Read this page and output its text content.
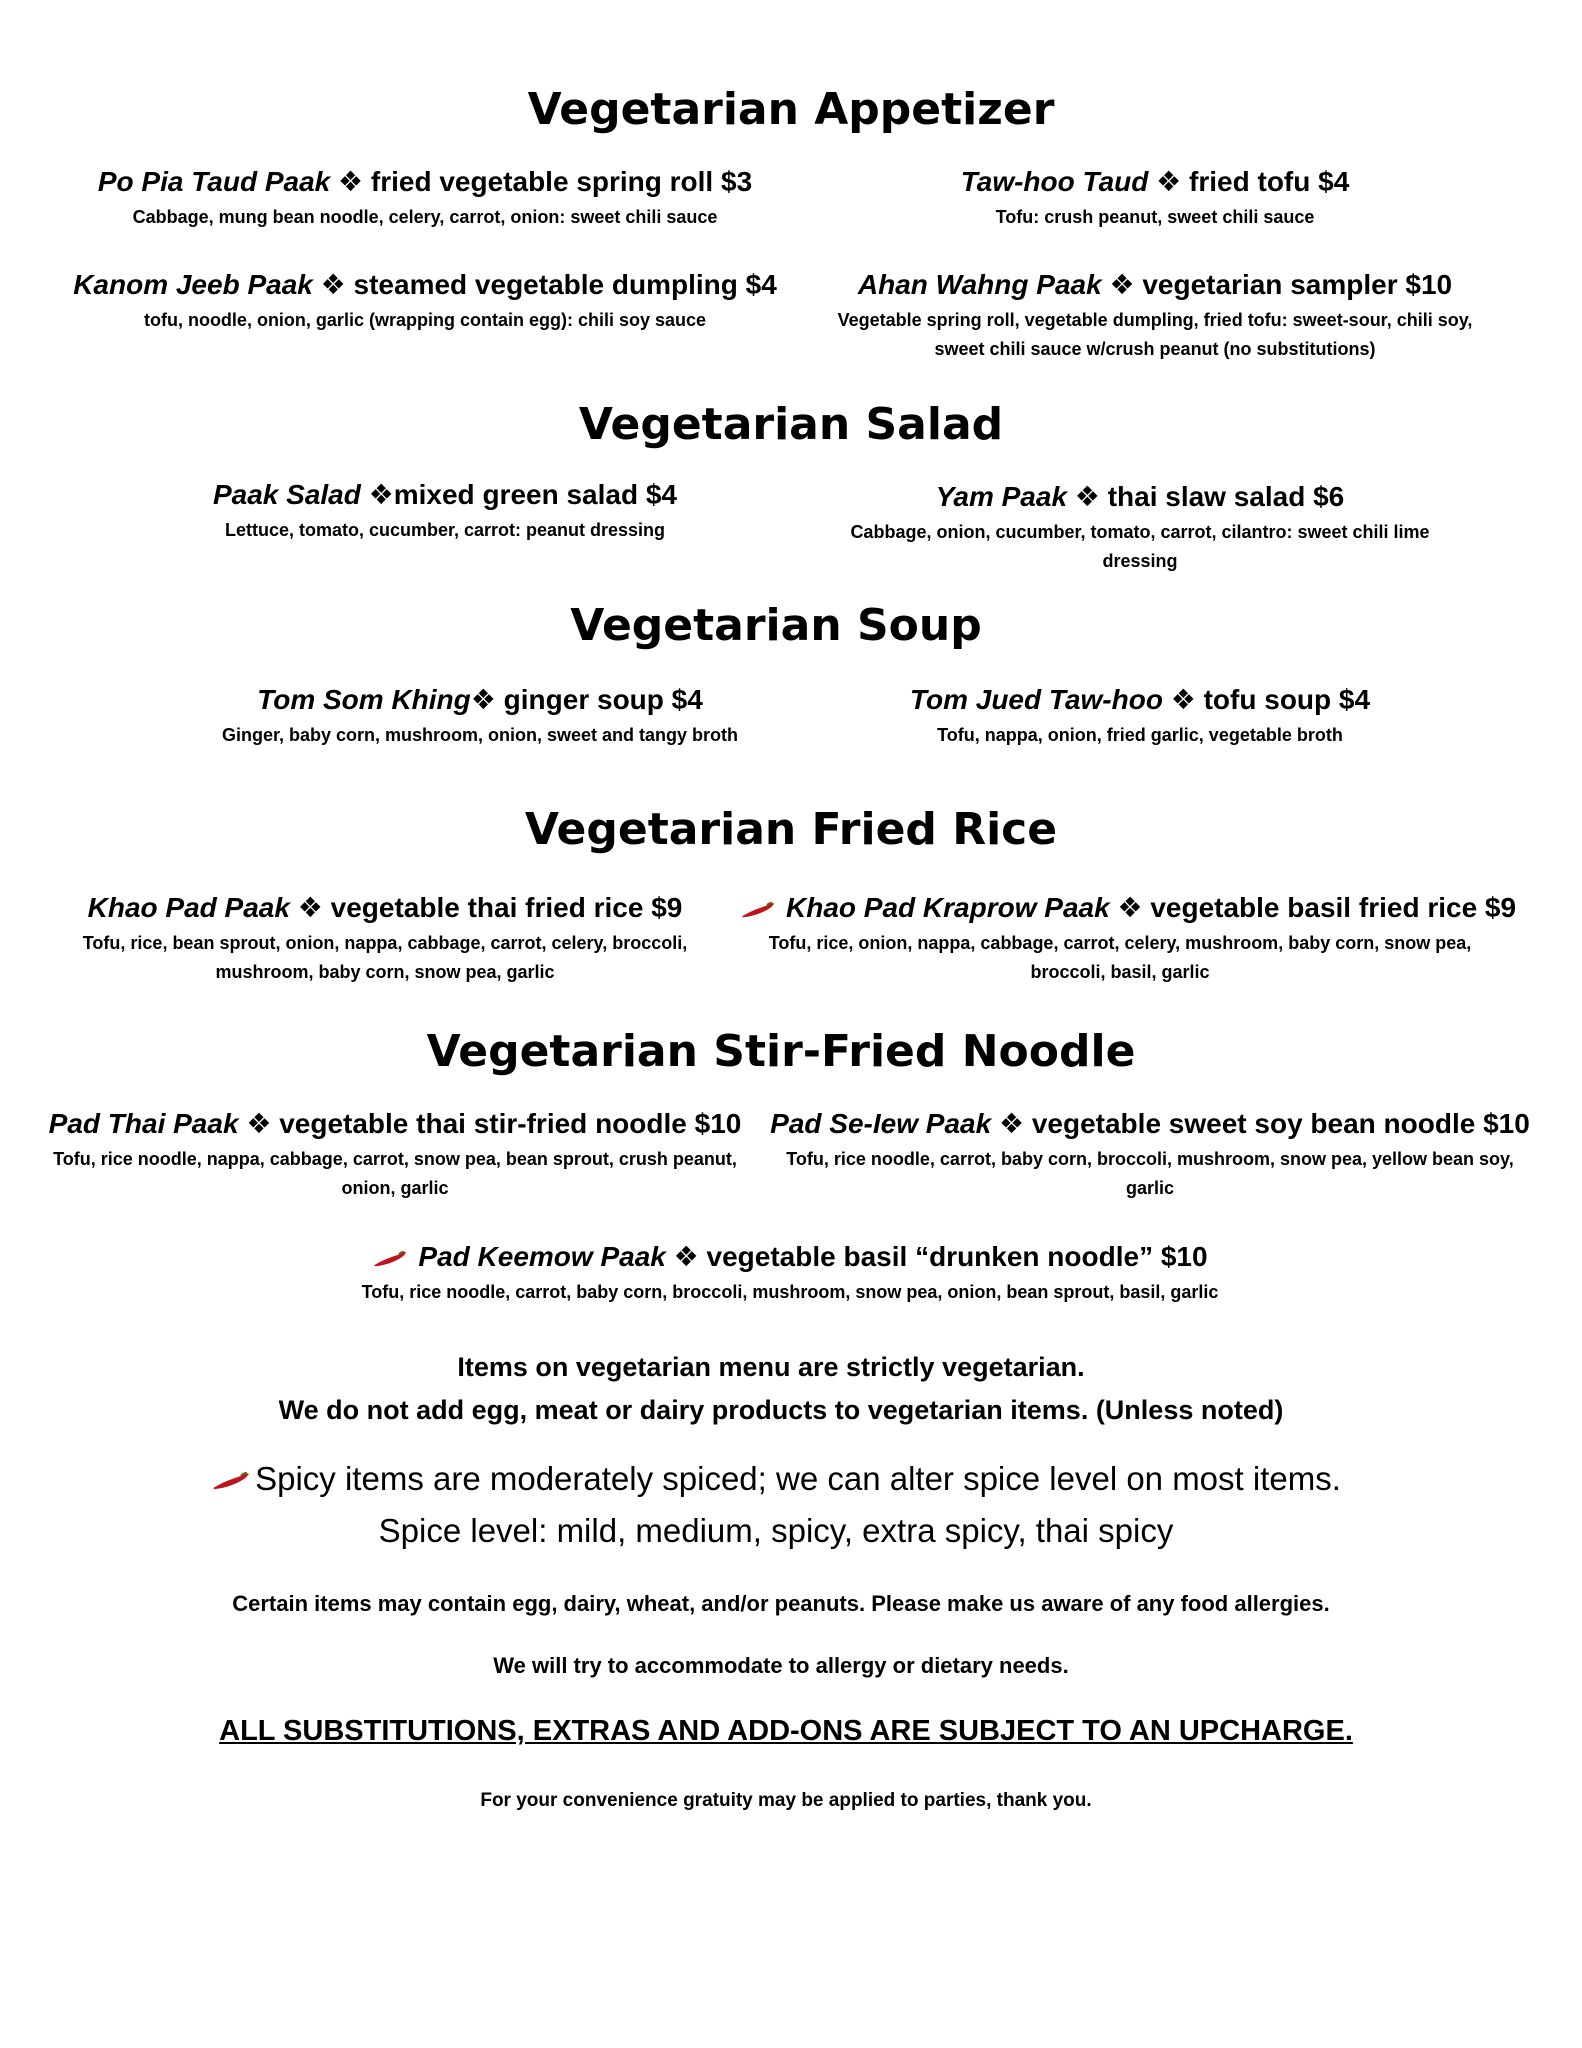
Vegetarian Appetizer
Po Pia Taud Paak ❖ fried vegetable spring roll $3
Cabbage, mung bean noodle, celery, carrot, onion: sweet chili sauce
Taw-hoo Taud ❖ fried tofu $4
Tofu: crush peanut, sweet chili sauce
Kanom Jeeb Paak ❖ steamed vegetable dumpling $4
tofu, noodle, onion, garlic (wrapping contain egg): chili soy sauce
Ahan Wahng Paak ❖ vegetarian sampler $10
Vegetable spring roll, vegetable dumpling, fried tofu: sweet-sour, chili soy, sweet chili sauce w/crush peanut (no substitutions)
Vegetarian Salad
Paak Salad ❖mixed green salad $4
Lettuce, tomato, cucumber, carrot: peanut dressing
Yam Paak ❖ thai slaw salad $6
Cabbage, onion, cucumber, tomato, carrot, cilantro: sweet chili lime dressing
Vegetarian Soup
Tom Som Khing❖ ginger soup $4
Ginger, baby corn, mushroom, onion, sweet and tangy broth
Tom Jued Taw-hoo ❖ tofu soup $4
Tofu, nappa, onion, fried garlic, vegetable broth
Vegetarian Fried Rice
Khao Pad Paak ❖ vegetable thai fried rice $9
Tofu, rice, bean sprout, onion, nappa, cabbage, carrot, celery, broccoli, mushroom, baby corn, snow pea, garlic
Khao Pad Kraprow Paak ❖ vegetable basil fried rice $9
Tofu, rice, onion, nappa, cabbage, carrot, celery, mushroom, baby corn, snow pea, broccoli, basil, garlic
Vegetarian Stir-Fried Noodle
Pad Thai Paak ❖ vegetable thai stir-fried noodle $10
Tofu, rice noodle, nappa, cabbage, carrot, snow pea, bean sprout, crush peanut, onion, garlic
Pad Se-Iew Paak ❖ vegetable sweet soy bean noodle $10
Tofu, rice noodle, carrot, baby corn, broccoli, mushroom, snow pea, yellow bean soy, garlic
Pad Keemow Paak ❖ vegetable basil “drunken noodle” $10
Tofu, rice noodle, carrot, baby corn, broccoli, mushroom, snow pea, onion, bean sprout, basil, garlic
Items on vegetarian menu are strictly vegetarian.
We do not add egg, meat or dairy products to vegetarian items. (Unless noted)
Spicy items are moderately spiced; we can alter spice level on most items.
Spice level: mild, medium, spicy, extra spicy, thai spicy
Certain items may contain egg, dairy, wheat, and/or peanuts. Please make us aware of any food allergies.
We will try to accommodate to allergy or dietary needs.
ALL SUBSTITUTIONS, EXTRAS AND ADD-ONS ARE SUBJECT TO AN UPCHARGE.
For your convenience gratuity may be applied to parties, thank you.
